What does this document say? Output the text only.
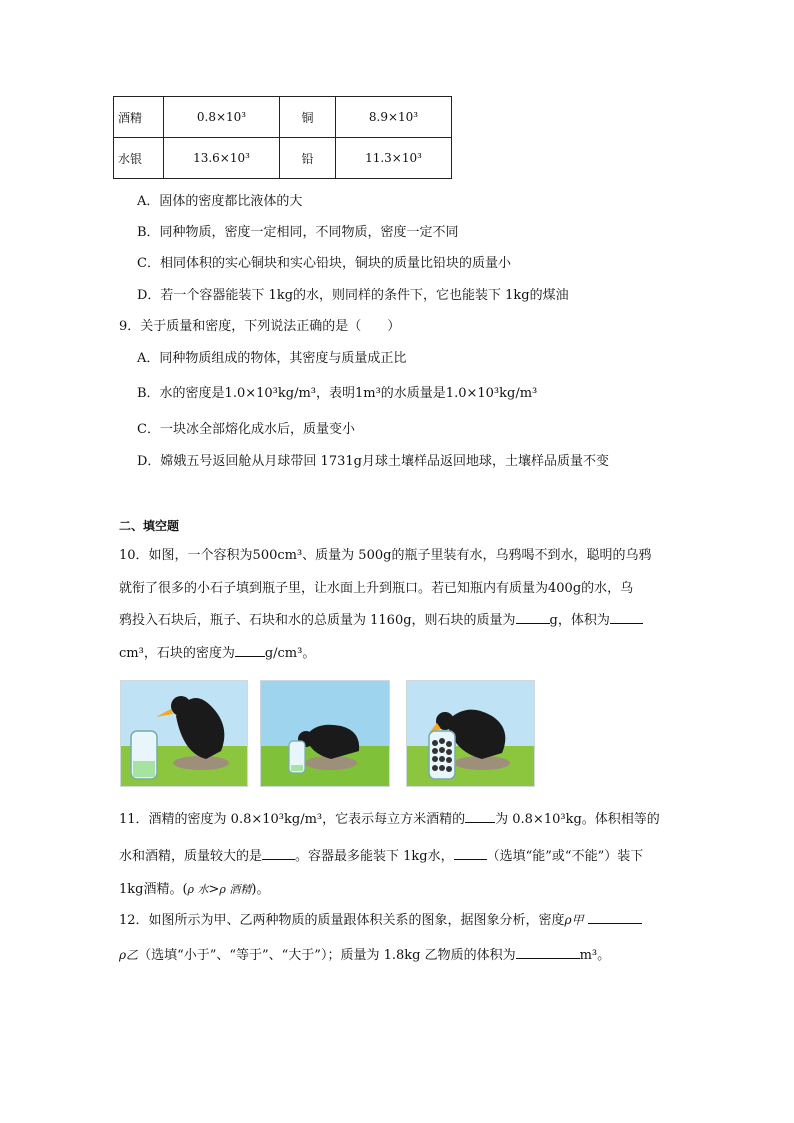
酒精	0.8×10³	铜	8.9×10³
水银	13.6×10³	铅	11.3×10³
A．固体的密度都比液体的大
B．同种物质，密度一定相同，不同物质，密度一定不同
C．相同体积的实心铜块和实心铅块，铜块的质量比铅块的质量小
D．若一个容器能装下 1kg的水，则同样的条件下，它也能装下 1kg的煤油
9．关于质量和密度，下列说法正确的是（　　）
A．同种物质组成的物体，其密度与质量成正比
B．水的密度是1.0×10³kg/m³，表明1m³的水质量是1.0×10³kg/m³
C．一块冰全部熔化成水后，质量变小
D．嫦娥五号返回舱从月球带回 1731g月球土壤样品返回地球，土壤样品质量不变
二、填空题
10．如图，一个容积为500cm³、质量为 500g的瓶子里装有水，乌鸦喝不到水，聪明的乌鸦
就衔了很多的小石子填到瓶子里，让水面上升到瓶口。若已知瓶内有质量为400g的水，乌
鸦投入石块后，瓶子、石块和水的总质量为 1160g，则石块的质量为	g，体积为
cm³，石块的密度为 g/cm³。
11．酒精的密度为 0.8×10³kg/m³，它表示每立方米酒精的 为 0.8×10³kg。体积相等的
水和酒精，质量较大的是	。容器最多能装下 1kg水，	（选填“能”或“不能”）装下
1kg酒精。(ρ 水>ρ 酒精)。
12．如图所示为甲、乙两种物质的质量跟体积关系的图象，据图象分析，密度ρ甲
ρ乙（选填“小于”、“等于”、“大于”）；质量为 1.8kg 乙物质的体积为	m³。
